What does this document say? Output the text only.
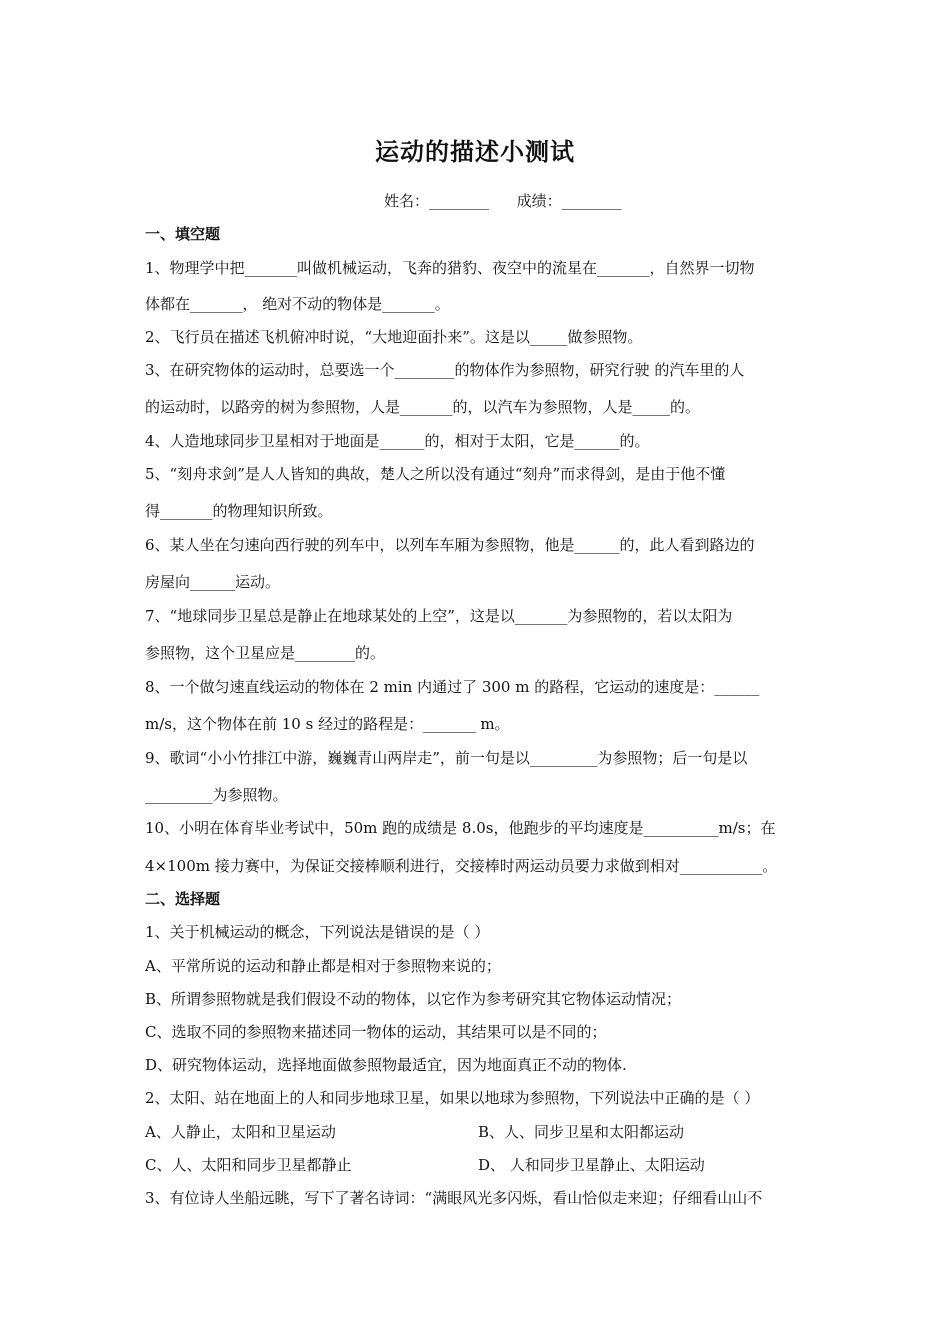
运动的描述小测试
姓名：________ 成绩：________
一、填空题
1、物理学中把_______叫做机械运动，飞奔的猎豹、夜空中的流星在_______，自然界一切物
体都在_______， 绝对不动的物体是_______。
2、飞行员在描述飞机俯冲时说，“大地迎面扑来”。这是以_____做参照物。
3、在研究物体的运动时，总要选一个________的物体作为参照物，研究行驶 的汽车里的人
的运动时，以路旁的树为参照物，人是_______的，以汽车为参照物，人是_____的。
4、人造地球同步卫星相对于地面是______的，相对于太阳，它是______的。
5、“刻舟求剑”是人人皆知的典故，楚人之所以没有通过“刻舟”而求得剑，是由于他不懂
得_______的物理知识所致。
6、某人坐在匀速向西行驶的列车中，以列车车厢为参照物，他是______的，此人看到路边的
房屋向______运动。
7、“地球同步卫星总是静止在地球某处的上空”，这是以_______为参照物的，若以太阳为
参照物，这个卫星应是________的。
8、一个做匀速直线运动的物体在 2 min 内通过了 300 m 的路程，它运动的速度是：______
m/s，这个物体在前 10 s 经过的路程是：_______ m。
9、歌词“小小竹排江中游，巍巍青山两岸走”，前一句是以_________为参照物；后一句是以
_________为参照物。
10、小明在体育毕业考试中，50m 跑的成绩是 8.0s，他跑步的平均速度是__________m/s；在
4×100m 接力赛中，为保证交接棒顺利进行，交接棒时两运动员要力求做到相对___________。
二、选择题
1、关于机械运动的概念，下列说法是错误的是（ ）
A、平常所说的运动和静止都是相对于参照物来说的；
B、所谓参照物就是我们假设不动的物体，以它作为参考研究其它物体运动情况；
C、选取不同的参照物来描述同一物体的运动，其结果可以是不同的；
D、研究物体运动，选择地面做参照物最适宜，因为地面真正不动的物体.
2、太阳、站在地面上的人和同步地球卫星，如果以地球为参照物，下列说法中正确的是（ ）
A、人静止，太阳和卫星运动	B、人、同步卫星和太阳都运动
C、人、太阳和同步卫星都静止	D、 人和同步卫星静止、太阳运动
3、有位诗人坐船远眺，写下了著名诗词：“满眼风光多闪烁，看山恰似走来迎；仔细看山山不
